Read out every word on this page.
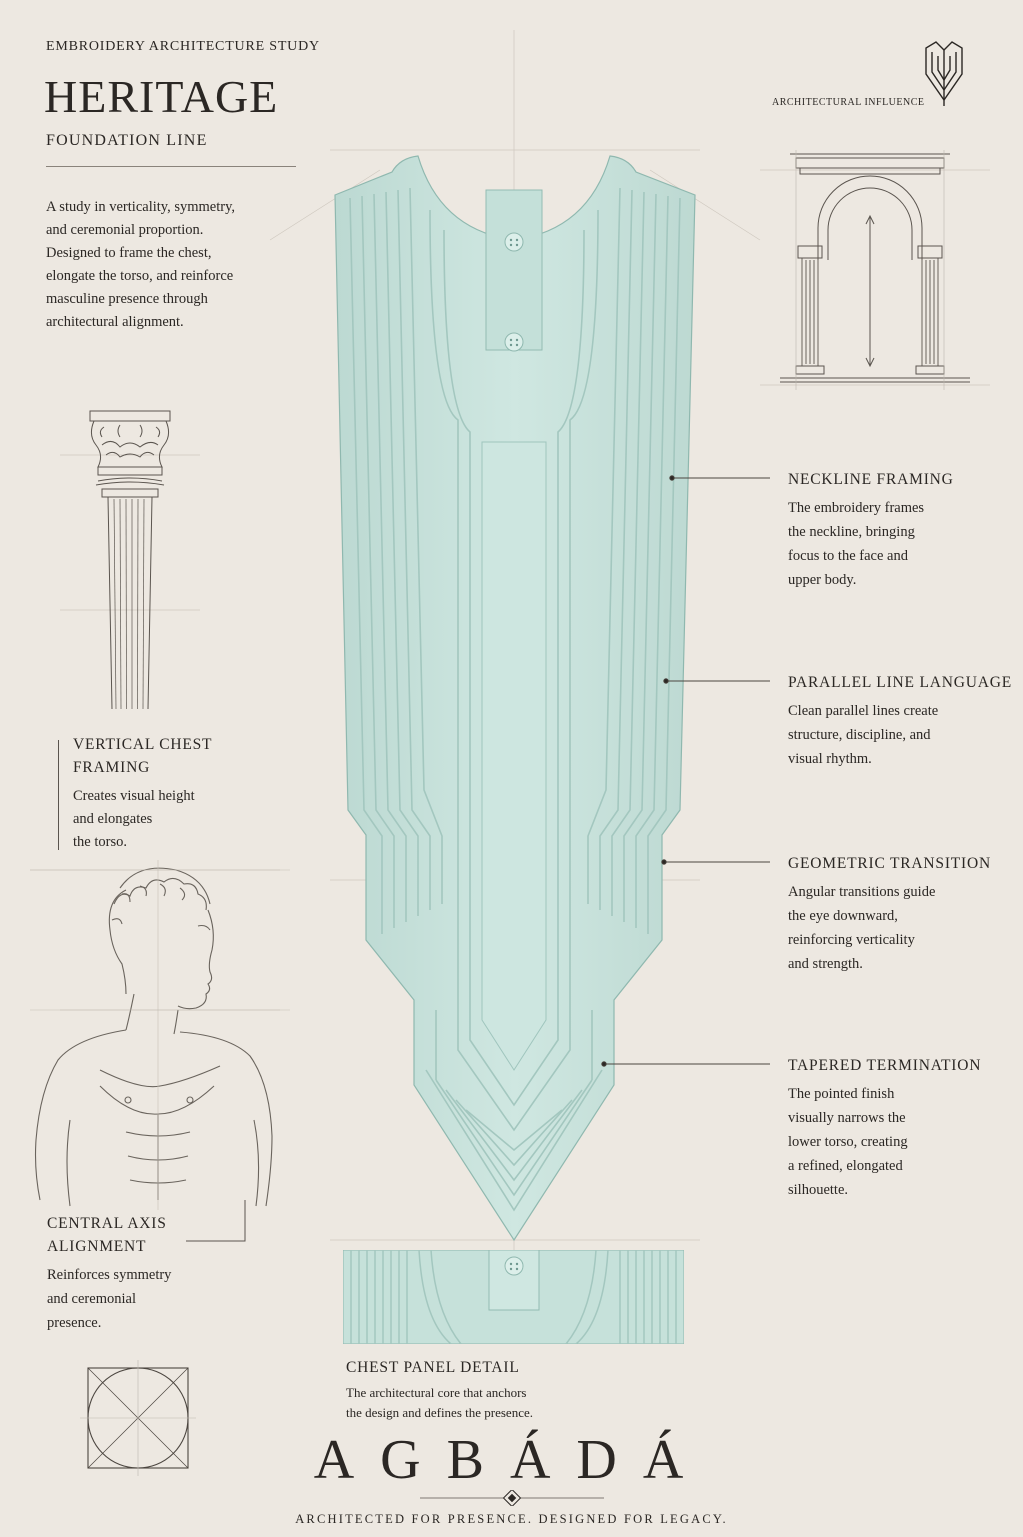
EMBROIDERY ARCHITECTURE STUDY
HERITAGE
FOUNDATION LINE
A study in verticality, symmetry, and ceremonial proportion. Designed to frame the chest, elongate the torso, and reinforce masculine presence through architectural alignment.
ARCHITECTURAL INFLUENCE
VERTICAL CHEST
FRAMING
Creates visual height
and elongates
the torso.
CENTRAL AXIS
ALIGNMENT
Reinforces symmetry
and ceremonial
presence.
NECKLINE FRAMING
The embroidery frames
the neckline, bringing
focus to the face and
upper body.
PARALLEL LINE LANGUAGE
Clean parallel lines create
structure, discipline, and
visual rhythm.
GEOMETRIC TRANSITION
Angular transitions guide
the eye downward,
reinforcing verticality
and strength.
TAPERED TERMINATION
The pointed finish
visually narrows the
lower torso, creating
a refined, elongated
silhouette.
CHEST PANEL DETAIL
The architectural core that anchors
the design and defines the presence.
AGBÁDÁ
ARCHITECTED FOR PRESENCE. DESIGNED FOR LEGACY.
